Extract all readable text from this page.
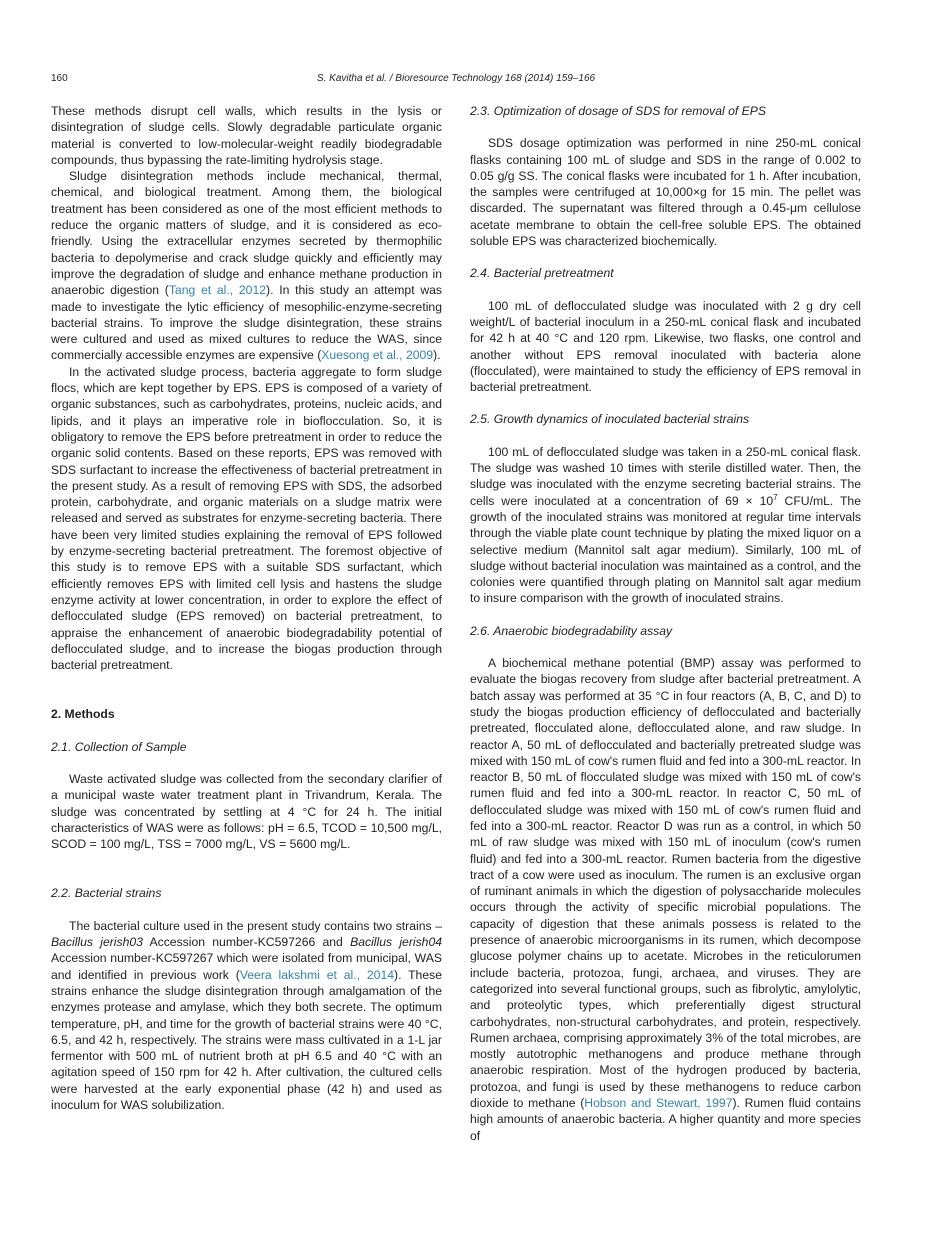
160	S. Kavitha et al. / Bioresource Technology 168 (2014) 159–166

These methods disrupt cell walls, which results in the lysis or disintegration of sludge cells. Slowly degradable particulate organic material is converted to low-molecular-weight readily biodegradable compounds, thus bypassing the rate-limiting hydrolysis stage.

Sludge disintegration methods include mechanical, thermal, chemical, and biological treatment. Among them, the biological treatment has been considered as one of the most efficient methods to reduce the organic matters of sludge, and it is considered as eco-friendly. Using the extracellular enzymes secreted by thermophilic bacteria to depolymerise and crack sludge quickly and efficiently may improve the degradation of sludge and enhance methane production in anaerobic digestion (Tang et al., 2012). In this study an attempt was made to investigate the lytic efficiency of mesophilic-enzyme-secreting bacterial strains. To improve the sludge disintegration, these strains were cultured and used as mixed cultures to reduce the WAS, since commercially accessible enzymes are expensive (Xuesong et al., 2009).

In the activated sludge process, bacteria aggregate to form sludge flocs, which are kept together by EPS. EPS is composed of a variety of organic substances, such as carbohydrates, proteins, nucleic acids, and lipids, and it plays an imperative role in bioflocculation. So, it is obligatory to remove the EPS before pretreatment in order to reduce the organic solid contents. Based on these reports, EPS was removed with SDS surfactant to increase the effectiveness of bacterial pretreatment in the present study. As a result of removing EPS with SDS, the adsorbed protein, carbohydrate, and organic materials on a sludge matrix were released and served as substrates for enzyme-secreting bacteria. There have been very limited studies explaining the removal of EPS followed by enzyme-secreting bacterial pretreatment. The foremost objective of this study is to remove EPS with a suitable SDS surfactant, which efficiently removes EPS with limited cell lysis and hastens the sludge enzyme activity at lower concentration, in order to explore the effect of deflocculated sludge (EPS removed) on bacterial pretreatment, to appraise the enhancement of anaerobic biodegradability potential of deflocculated sludge, and to increase the biogas production through bacterial pretreatment.

2. Methods
2.1. Collection of Sample

Waste activated sludge was collected from the secondary clarifier of a municipal waste water treatment plant in Trivandrum, Kerala. The sludge was concentrated by settling at 4 °C for 24 h. The initial characteristics of WAS were as follows: pH = 6.5, TCOD = 10,500 mg/L, SCOD = 100 mg/L, TSS = 7000 mg/L, VS = 5600 mg/L.

2.2. Bacterial strains

The bacterial culture used in the present study contains two strains – Bacillus jerish03 Accession number-KC597266 and Bacillus jerish04 Accession number-KC597267 which were isolated from municipal, WAS and identified in previous work (Veera lakshmi et al., 2014). These strains enhance the sludge disintegration through amalgamation of the enzymes protease and amylase, which they both secrete. The optimum temperature, pH, and time for the growth of bacterial strains were 40 °C, 6.5, and 42 h, respectively. The strains were mass cultivated in a 1-L jar fermentor with 500 mL of nutrient broth at pH 6.5 and 40 °C with an agitation speed of 150 rpm for 42 h. After cultivation, the cultured cells were harvested at the early exponential phase (42 h) and used as inoculum for WAS solubilization.

2.3. Optimization of dosage of SDS for removal of EPS

SDS dosage optimization was performed in nine 250-mL conical flasks containing 100 mL of sludge and SDS in the range of 0.002 to 0.05 g/g SS. The conical flasks were incubated for 1 h. After incubation, the samples were centrifuged at 10,000×g for 15 min. The pellet was discarded. The supernatant was filtered through a 0.45-μm cellulose acetate membrane to obtain the cell-free soluble EPS. The obtained soluble EPS was characterized biochemically.

2.4. Bacterial pretreatment

100 mL of deflocculated sludge was inoculated with 2 g dry cell weight/L of bacterial inoculum in a 250-mL conical flask and incubated for 42 h at 40 °C and 120 rpm. Likewise, two flasks, one control and another without EPS removal inoculated with bacteria alone (flocculated), were maintained to study the efficiency of EPS removal in bacterial pretreatment.

2.5. Growth dynamics of inoculated bacterial strains

100 mL of deflocculated sludge was taken in a 250-mL conical flask. The sludge was washed 10 times with sterile distilled water. Then, the sludge was inoculated with the enzyme secreting bacterial strains. The cells were inoculated at a concentration of $69 \times 10^7$ CFU/mL. The growth of the inoculated strains was monitored at regular time intervals through the viable plate count technique by plating the mixed liquor on a selective medium (Mannitol salt agar medium). Similarly, 100 mL of sludge without bacterial inoculation was maintained as a control, and the colonies were quantified through plating on Mannitol salt agar medium to insure comparison with the growth of inoculated strains.

2.6. Anaerobic biodegradability assay

A biochemical methane potential (BMP) assay was performed to evaluate the biogas recovery from sludge after bacterial pretreatment. A batch assay was performed at 35 °C in four reactors (A, B, C, and D) to study the biogas production efficiency of deflocculated and bacterially pretreated, flocculated alone, deflocculated alone, and raw sludge. In reactor A, 50 mL of deflocculated and bacterially pretreated sludge was mixed with 150 mL of cow's rumen fluid and fed into a 300-mL reactor. In reactor B, 50 mL of flocculated sludge was mixed with 150 mL of cow's rumen fluid and fed into a 300-mL reactor. In reactor C, 50 mL of deflocculated sludge was mixed with 150 mL of cow's rumen fluid and fed into a 300-mL reactor. Reactor D was run as a control, in which 50 mL of raw sludge was mixed with 150 mL of inoculum (cow's rumen fluid) and fed into a 300-mL reactor. Rumen bacteria from the digestive tract of a cow were used as inoculum. The rumen is an exclusive organ of ruminant animals in which the digestion of polysaccharide molecules occurs through the activity of specific microbial populations. The capacity of digestion that these animals possess is related to the presence of anaerobic microorganisms in its rumen, which decompose glucose polymer chains up to acetate. Microbes in the reticulorumen include bacteria, protozoa, fungi, archaea, and viruses. They are categorized into several functional groups, such as fibrolytic, amylolytic, and proteolytic types, which preferentially digest structural carbohydrates, non-structural carbohydrates, and protein, respectively. Rumen archaea, comprising approximately 3% of the total microbes, are mostly autotrophic methanogens and produce methane through anaerobic respiration. Most of the hydrogen produced by bacteria, protozoa, and fungi is used by these methanogens to reduce carbon dioxide to methane (Hobson and Stewart, 1997). Rumen fluid contains high amounts of anaerobic bacteria. A higher quantity and more species of
